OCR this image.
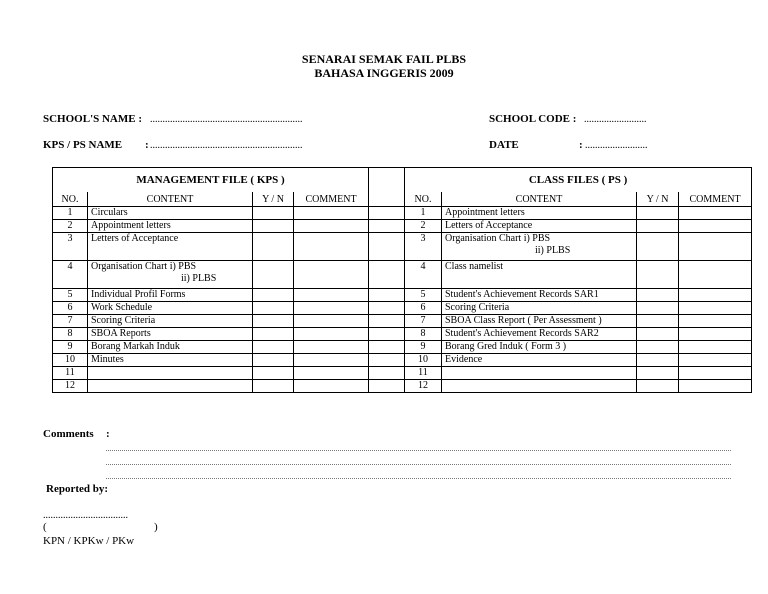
SENARAI SEMAK FAIL PLBS
BAHASA INGGERIS 2009
SCHOOL'S NAME : .............................................................	SCHOOL CODE : .........................
KPS / PS NAME : .............................................................	DATE	: .........................
MANAGEMENT FILE ( KPS )					CLASS FILES ( PS )			
NO.	CONTENT	Y / N	COMMENT		NO.	CONTENT	Y / N	COMMENT
1	Circulars				1	Appointment letters		
2	Appointment letters				2	Letters of Acceptance		
3	Letters of Acceptance				3	Organisation Chart i) PBS
ii) PLBS		

4	Organisation Chart i) PBS
ii) PLBS				4	Class namelist		
5	Individual Profil Forms				5	Student's Achievement Records SAR1		
6	Work Schedule				6	Scoring Criteria		
7	Scoring Criteria				7	SBOA Class Report ( Per Assessment )		
8	SBOA Reports				8	Student's Achievement Records SAR2		
9	Borang Markah Induk				9	Borang Gred Induk ( Form 3 )		
10	Minutes				10	Evidence		
11					11			
12					12			
Comments :
Reported by:
..................................
(	)
KPN / KPKw / PKw
